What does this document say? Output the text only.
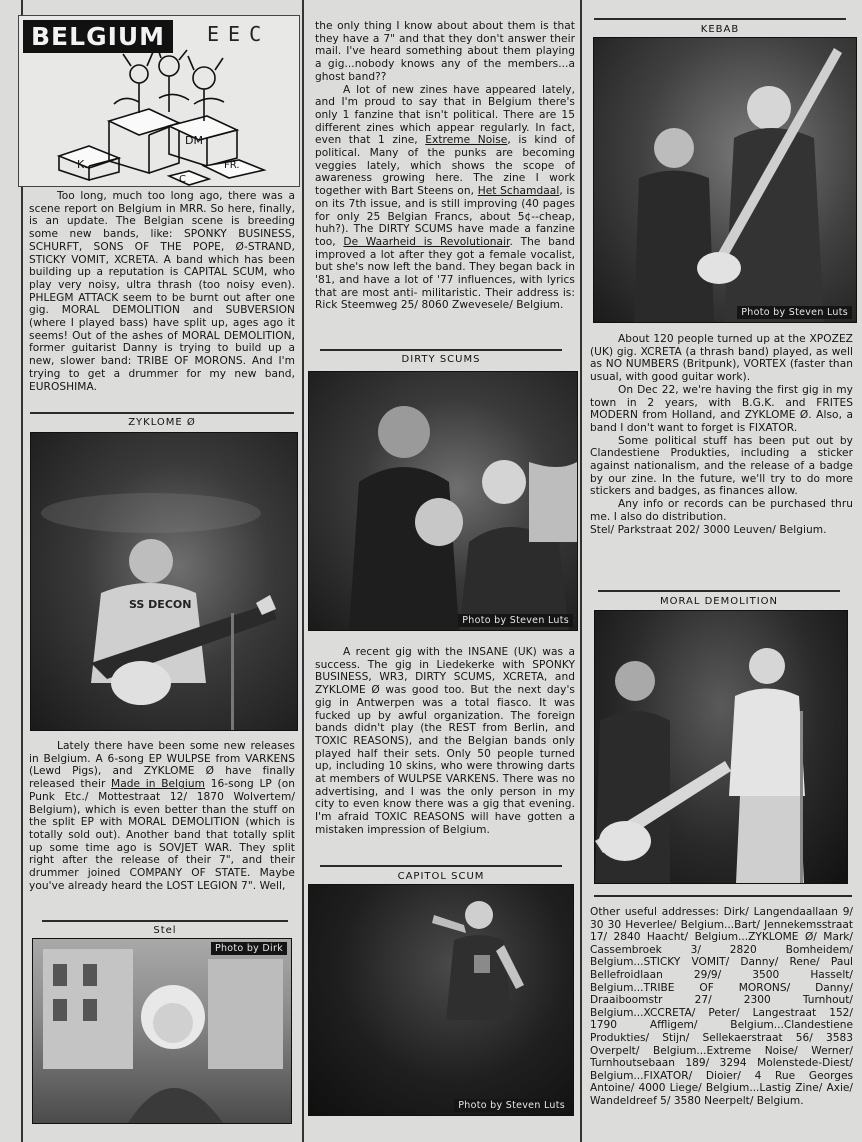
BELGIUM	EEC
K.
DM
FR.
C

Too long, much too long ago, there was a scene report on Belgium in MRR. So here, finally, is an update. The Belgian scene is breeding some new bands, like: SPONKY BUSINESS, SCHURFT, SONS OF THE POPE, Ø-STRAND, STICKY VOMIT, XCRETA. A band which has been building up a reputation is CAPITAL SCUM, who play very noisy, ultra thrash (too noisy even). PHLEGM ATTACK seem to be burnt out after one gig. MORAL DEMOLITION and SUBVERSION (where I played bass) have split up, ages ago it seems! Out of the ashes of MORAL DEMOLITION, former guitarist Danny is trying to build up a new, slower band: TRIBE OF MORONS. And I'm trying to get a drummer for my new band, EUROSHIMA.

ZYKLOME Ø
SS DECON

Lately there have been some new releases in Belgium. A 6-song EP WULPSE from VARKENS (Lewd Pigs), and ZYKLOME Ø have finally released their Made in Belgium 16-song LP (on Punk Etc./ Mottestraat 12/ 1870 Wolvertem/ Belgium), which is even better than the stuff on the split EP with MORAL DEMOLITION (which is totally sold out). Another band that totally split up some time ago is SOVJET WAR. They split right after the release of their 7", and their drummer joined COMPANY OF STATE. Maybe you've already heard the LOST LEGION 7". Well,

Stel
Photo by Dirk

the only thing I know about about them is that they have a 7" and that they don't answer their mail. I've heard something about them playing a gig...nobody knows any of the members...a ghost band??

A lot of new zines have appeared lately, and I'm proud to say that in Belgium there's only 1 fanzine that isn't political. There are 15 different zines which appear regularly. In fact, even that 1 zine, Extreme Noise, is kind of political. Many of the punks are becoming veggies lately, which shows the scope of awareness growing here. The zine I work together with Bart Steens on, Het Schamdaal, is on its 7th issue, and is still improving (40 pages for only 25 Belgian Francs, about 5¢--cheap, huh?). The DIRTY SCUMS have made a fanzine too, De Waarheid is Revolutionair. The band improved a lot after they got a female vocalist, but she's now left the band. They began back in '81, and have a lot of '77 influences, with lyrics that are most anti- militaristic. Their address is: Rick Steemweg 25/ 8060 Zwevesele/ Belgium.

DIRTY SCUMS
Photo by Steven Luts

A recent gig with the INSANE (UK) was a success. The gig in Liedekerke with SPONKY BUSINESS, WR3, DIRTY SCUMS, XCRETA, and ZYKLOME Ø was good too. But the next day's gig in Antwerpen was a total fiasco. It was fucked up by awful organization. The foreign bands didn't play (the REST from Berlin, and TOXIC REASONS), and the Belgian bands only played half their sets. Only 50 people turned up, including 10 skins, who were throwing darts at members of WULPSE VARKENS. There was no advertising, and I was the only person in my city to even know there was a gig that evening. I'm afraid TOXIC REASONS will have gotten a mistaken impression of Belgium.

CAPITOL SCUM
Photo by Steven Luts
KEBAB
Photo by Steven Luts

About 120 people turned up at the XPOZEZ (UK) gig. XCRETA (a thrash band) played, as well as NO NUMBERS (Britpunk), VORTEX (faster than usual, with good guitar work).

On Dec 22, we're having the first gig in my town in 2 years, with B.G.K. and FRITES MODERN from Holland, and ZYKLOME Ø. Also, a band I don't want to forget is FIXATOR.

Some political stuff has been put out by Clandestiene Produkties, including a sticker against nationalism, and the release of a badge by our zine. In the future, we'll try to do more stickers and badges, as finances allow.

Any info or records can be purchased thru me. I also do distribution.

Stel/ Parkstraat 202/ 3000 Leuven/ Belgium.

MORAL DEMOLITION

Other useful addresses: Dirk/ Langendaallaan 9/ 30 30 Heverlee/ Belgium...Bart/ Jennekemsstraat 17/ 2840 Haacht/ Belgium...ZYKLOME Ø/ Mark/ Cassembroek 3/ 2820 Bomheidem/ Belgium...STICKY VOMIT/ Danny/ Rene/ Paul Bellefroidlaan 29/9/ 3500 Hasselt/ Belgium...TRIBE OF MORONS/ Danny/ Draaiboomstr 27/ 2300 Turnhout/ Belgium...XCCRETA/ Peter/ Langestraat 152/ 1790 Affligem/ Belgium...Clandestiene Produkties/ Stijn/ Sellekaerstraat 56/ 3583 Overpelt/ Belgium...Extreme Noise/ Werner/ Turnhoutsebaan 189/ 3294 Molenstede-Diest/ Belgium...FIXATOR/ Dioier/ 4 Rue Georges Antoine/ 4000 Liege/ Belgium...Lastig Zine/ Axie/ Wandeldreef 5/ 3580 Neerpelt/ Belgium.
